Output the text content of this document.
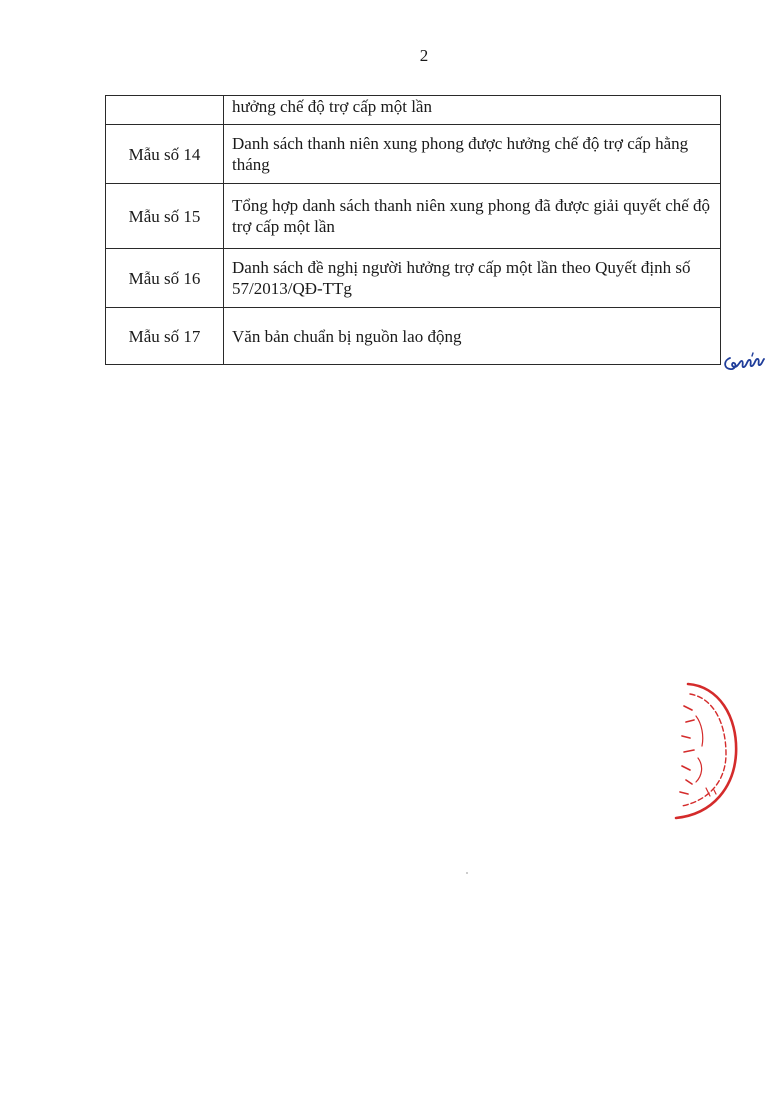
2
	hưởng chế độ trợ cấp một lần
Mẫu số 14	Danh sách thanh niên xung phong được hưởng chế độ trợ cấp hằng tháng
Mẫu số 15	Tổng hợp danh sách thanh niên xung phong đã được giải quyết chế độ trợ cấp một lần
Mẫu số 16	Danh sách đề nghị người hưởng trợ cấp một lần theo Quyết định số 57/2013/QĐ-TTg
Mẫu số 17	Văn bản chuẩn bị nguồn lao động
